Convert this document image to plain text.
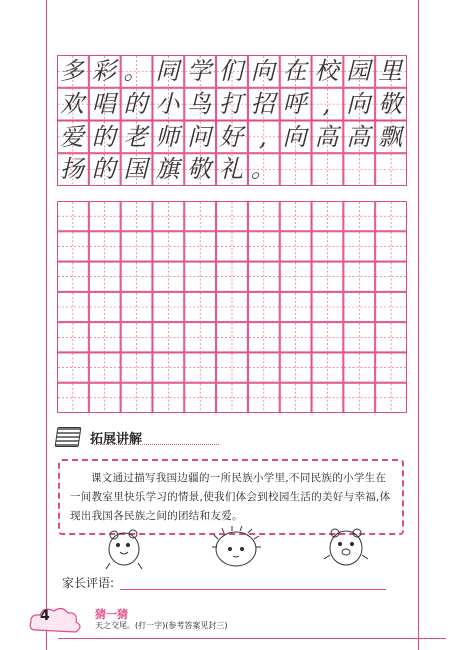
多 彩 。 同 学 们 向 在 校 园 里
欢 唱 的 小 鸟 打 招 呼 , 向 敬
爱 的 老 师 问 好 , 向 高 高 飘
扬 的 国 旗 敬 礼 。
拓展讲解

课文通过描写我国边疆的一所民族小学里,不同民族的小学生在一间教室里快乐学习的情景,使我们体会到校园生活的美好与幸福,体现出我国各民族之间的团结和友爱。

家长评语:
4	猜一猜
天之交尾。(打一字)(参考答案见封三)
